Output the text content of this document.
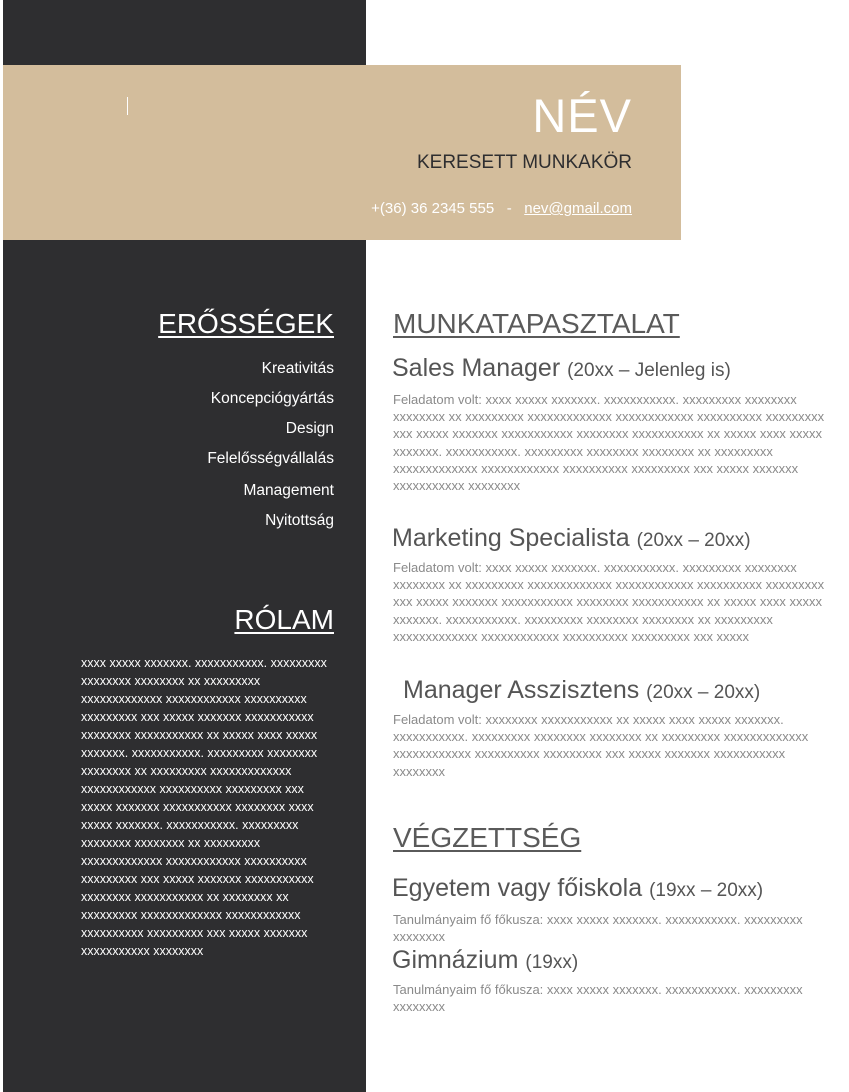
NÉV
KERESETT MUNKAKÖR
+(36) 36 2345 555 - nev@gmail.com
ERŐSSÉGEK
Kreativitás
Koncepciógyártás
Design
Felelősségvállalás
Management
Nyitottság
RÓLAM
xxxx xxxxx xxxxxxx. xxxxxxxxxxx. xxxxxxxxx xxxxxxxx xxxxxxxx xx xxxxxxxxx xxxxxxxxxxxxx xxxxxxxxxxxx xxxxxxxxxx xxxxxxxxx xxx xxxxx xxxxxxx xxxxxxxxxxx xxxxxxxx xxxxxxxxxxx xx xxxxx xxxx xxxxx xxxxxxx. xxxxxxxxxxx. xxxxxxxxx xxxxxxxx xxxxxxxx xx xxxxxxxxx xxxxxxxxxxxxx xxxxxxxxxxxx xxxxxxxxxx xxxxxxxxx xxx xxxxx xxxxxxx xxxxxxxxxxx xxxxxxxx xxxx xxxxx xxxxxxx. xxxxxxxxxxx. xxxxxxxxx xxxxxxxx xxxxxxxx xx xxxxxxxxx xxxxxxxxxxxxx xxxxxxxxxxxx xxxxxxxxxx xxxxxxxxx xxx xxxxx xxxxxxx xxxxxxxxxxx xxxxxxxx xxxxxxxxxxx xx xxxxxxxx xx xxxxxxxxx xxxxxxxxxxxxx xxxxxxxxxxxx xxxxxxxxxx xxxxxxxxx xxx xxxxx xxxxxxx xxxxxxxxxxx xxxxxxxx
MUNKATAPASZTALAT
Sales Manager (20xx – Jelenleg is)
Feladatom volt: xxxx xxxxx xxxxxxx. xxxxxxxxxxx. xxxxxxxxx xxxxxxxx xxxxxxxx xx xxxxxxxxx xxxxxxxxxxxxx xxxxxxxxxxxx xxxxxxxxxx xxxxxxxxx xxx xxxxx xxxxxxx xxxxxxxxxxx xxxxxxxx xxxxxxxxxxx xx xxxxx xxxx xxxxx xxxxxxx. xxxxxxxxxxx. xxxxxxxxx xxxxxxxx xxxxxxxx xx xxxxxxxxx xxxxxxxxxxxxx xxxxxxxxxxxx xxxxxxxxxx xxxxxxxxx xxx xxxxx xxxxxxx xxxxxxxxxxx xxxxxxxx
Marketing Specialista (20xx – 20xx)
Feladatom volt: xxxx xxxxx xxxxxxx. xxxxxxxxxxx. xxxxxxxxx xxxxxxxx xxxxxxxx xx xxxxxxxxx xxxxxxxxxxxxx xxxxxxxxxxxx xxxxxxxxxx xxxxxxxxx xxx xxxxx xxxxxxx xxxxxxxxxxx xxxxxxxx xxxxxxxxxxx xx xxxxx xxxx xxxxx xxxxxxx. xxxxxxxxxxx. xxxxxxxxx xxxxxxxx xxxxxxxx xx xxxxxxxxx xxxxxxxxxxxxx xxxxxxxxxxxx xxxxxxxxxx xxxxxxxxx xxx xxxxx
Manager Asszisztens (20xx – 20xx)
Feladatom volt: xxxxxxxx xxxxxxxxxxx xx xxxxx xxxx xxxxx xxxxxxx. xxxxxxxxxxx. xxxxxxxxx xxxxxxxx xxxxxxxx xx xxxxxxxxx xxxxxxxxxxxxx xxxxxxxxxxxx xxxxxxxxxx xxxxxxxxx xxx xxxxx xxxxxxx xxxxxxxxxxx xxxxxxxx
VÉGZETTSÉG
Egyetem vagy főiskola (19xx – 20xx)
Tanulmányaim fő főkusza: xxxx xxxxx xxxxxxx. xxxxxxxxxxx. xxxxxxxxx xxxxxxxx
Gimnázium (19xx)
Tanulmányaim fő főkusza: xxxx xxxxx xxxxxxx. xxxxxxxxxxx. xxxxxxxxx xxxxxxxx
